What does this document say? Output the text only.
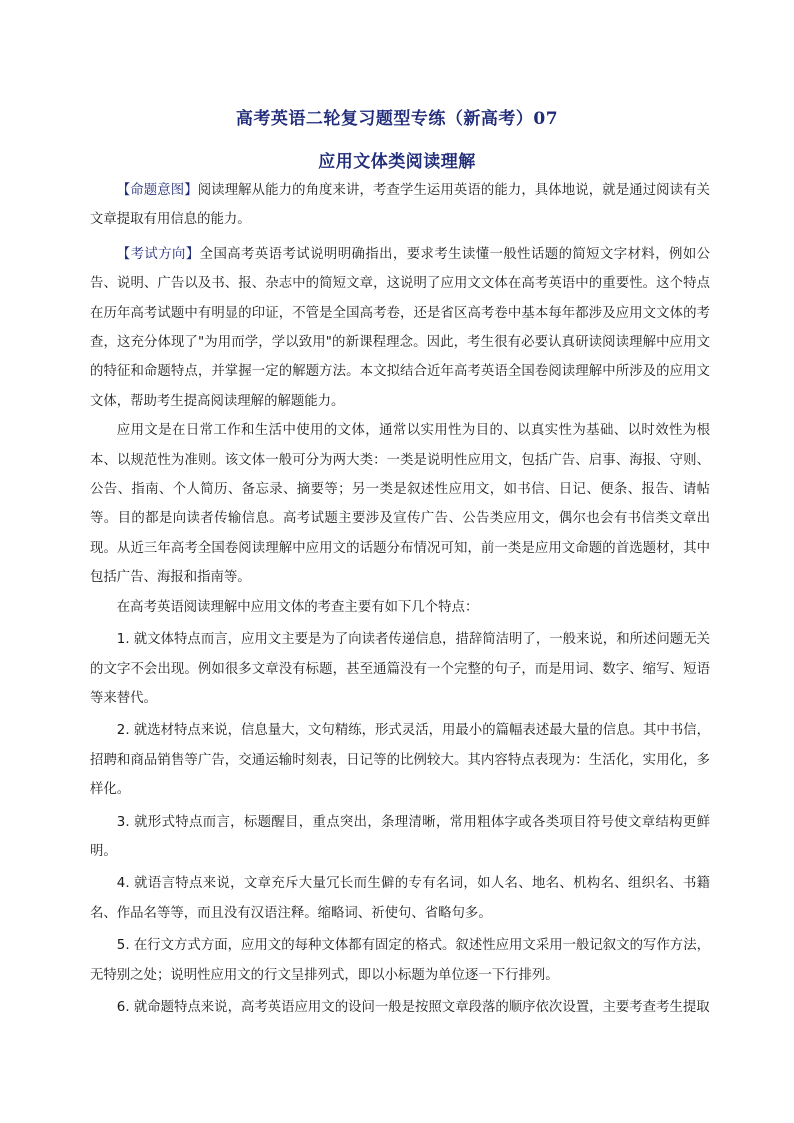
高考英语二轮复习题型专练（新高考）07
应用文体类阅读理解

【命题意图】阅读理解从能力的角度来讲，考查学生运用英语的能力，具体地说，就是通过阅读有关文章提取有用信息的能力。

【考试方向】全国高考英语考试说明明确指出，要求考生读懂一般性话题的简短文字材料，例如公告、说明、广告以及书、报、杂志中的简短文章，这说明了应用文文体在高考英语中的重要性。这个特点在历年高考试题中有明显的印证，不管是全国高考卷，还是省区高考卷中基本每年都涉及应用文文体的考查，这充分体现了"为用而学，学以致用"的新课程理念。因此，考生很有必要认真研读阅读理解中应用文的特征和命题特点，并掌握一定的解题方法。本文拟结合近年高考英语全国卷阅读理解中所涉及的应用文文体，帮助考生提高阅读理解的解题能力。

应用文是在日常工作和生活中使用的文体，通常以实用性为目的、以真实性为基础、以时效性为根本、以规范性为准则。该文体一般可分为两大类：一类是说明性应用文，包括广告、启事、海报、守则、公告、指南、个人简历、备忘录、摘要等；另一类是叙述性应用文，如书信、日记、便条、报告、请帖等。目的都是向读者传输信息。高考试题主要涉及宣传广告、公告类应用文，偶尔也会有书信类文章出现。从近三年高考全国卷阅读理解中应用文的话题分布情况可知，前一类是应用文命题的首选题材，其中包括广告、海报和指南等。

在高考英语阅读理解中应用文体的考查主要有如下几个特点：

1. 就文体特点而言，应用文主要是为了向读者传递信息，措辞简洁明了，一般来说，和所述问题无关的文字不会出现。例如很多文章没有标题，甚至通篇没有一个完整的句子，而是用词、数字、缩写、短语等来替代。

2. 就选材特点来说，信息量大，文句精练，形式灵活，用最小的篇幅表述最大量的信息。其中书信，招聘和商品销售等广告，交通运输时刻表，日记等的比例较大。其内容特点表现为：生活化，实用化，多样化。

3. 就形式特点而言，标题醒目，重点突出，条理清晰，常用粗体字或各类项目符号使文章结构更鲜明。

4. 就语言特点来说，文章充斥大量冗长而生僻的专有名词，如人名、地名、机构名、组织名、书籍名、作品名等等，而且没有汉语注释。缩略词、祈使句、省略句多。

5. 在行文方式方面，应用文的每种文体都有固定的格式。叙述性应用文采用一般记叙文的写作方法，无特别之处；说明性应用文的行文呈排列式，即以小标题为单位逐一下行排列。

6. 就命题特点来说，高考英语应用文的设问一般是按照文章段落的顺序依次设置，主要考查考生提取
